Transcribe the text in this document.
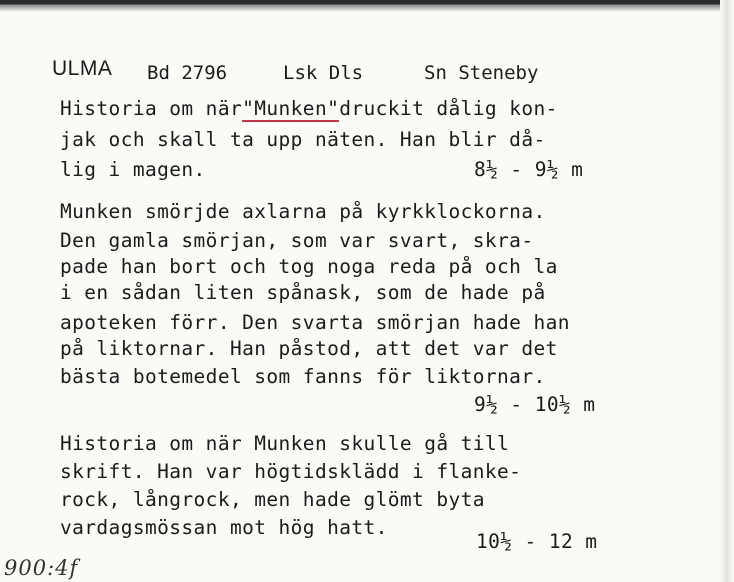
ULMA Bd 2796	Lsk Dls	Sn Steneby
Historia om när"Munken"druckit dålig kon-
jak och skall ta upp näten. Han blir då-
lig i magen.	8½ - 9½ m
Munken smörjde axlarna på kyrkklockorna.
Den gamla smörjan, som var svart, skra-
pade han bort och tog noga reda på och la
i en sådan liten spånask, som de hade på
apoteken förr. Den svarta smörjan hade han
på liktornar. Han påstod, att det var det
bästa botemedel som fanns för liktornar.
9½ - 10½ m
Historia om när Munken skulle gå till
skrift. Han var högtidsklädd i flanke-
rock, långrock, men hade glömt byta
vardagsmössan mot hög hatt.
10½ - 12 m
900:4f
